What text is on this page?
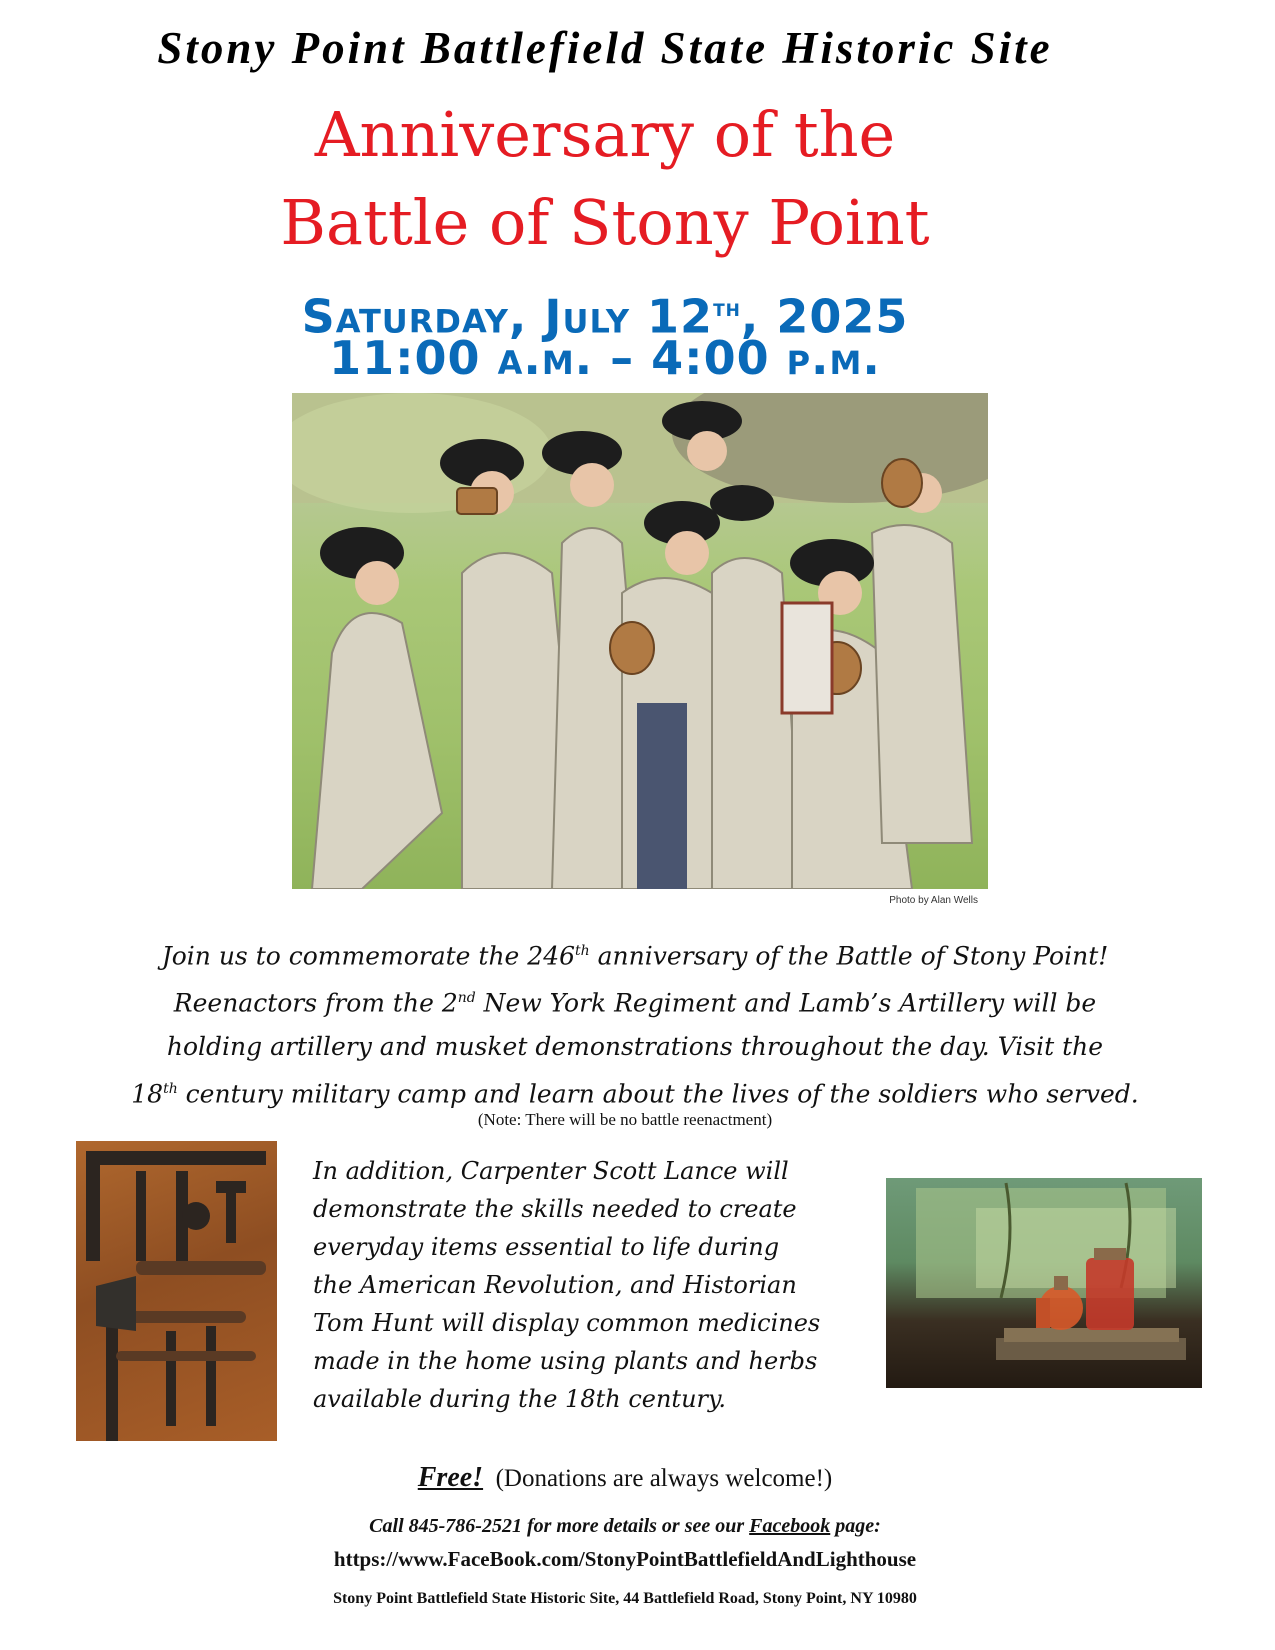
Stony Point Battlefield State Historic Site
Anniversary of the
Battle of Stony Point
Saturday, July 12th, 2025
11:00 a.m. – 4:00 p.m.
Photo by Alan Wells
Join us to commemorate the 246th anniversary of the Battle of Stony Point!
Reenactors from the 2nd New York Regiment and Lamb’s Artillery will be
holding artillery and musket demonstrations throughout the day. Visit the
18th century military camp and learn about the lives of the soldiers who served.
(Note: There will be no battle reenactment)
In addition, Carpenter Scott Lance will
demonstrate the skills needed to create
everyday items essential to life during
the American Revolution, and Historian
Tom Hunt will display common medicines
made in the home using plants and herbs
available during the 18th century.
Free! (Donations are always welcome!)
Call 845-786-2521 for more details or see our Facebook page:
https://www.FaceBook.com/StonyPointBattlefieldAndLighthouse
Stony Point Battlefield State Historic Site, 44 Battlefield Road, Stony Point, NY 10980
